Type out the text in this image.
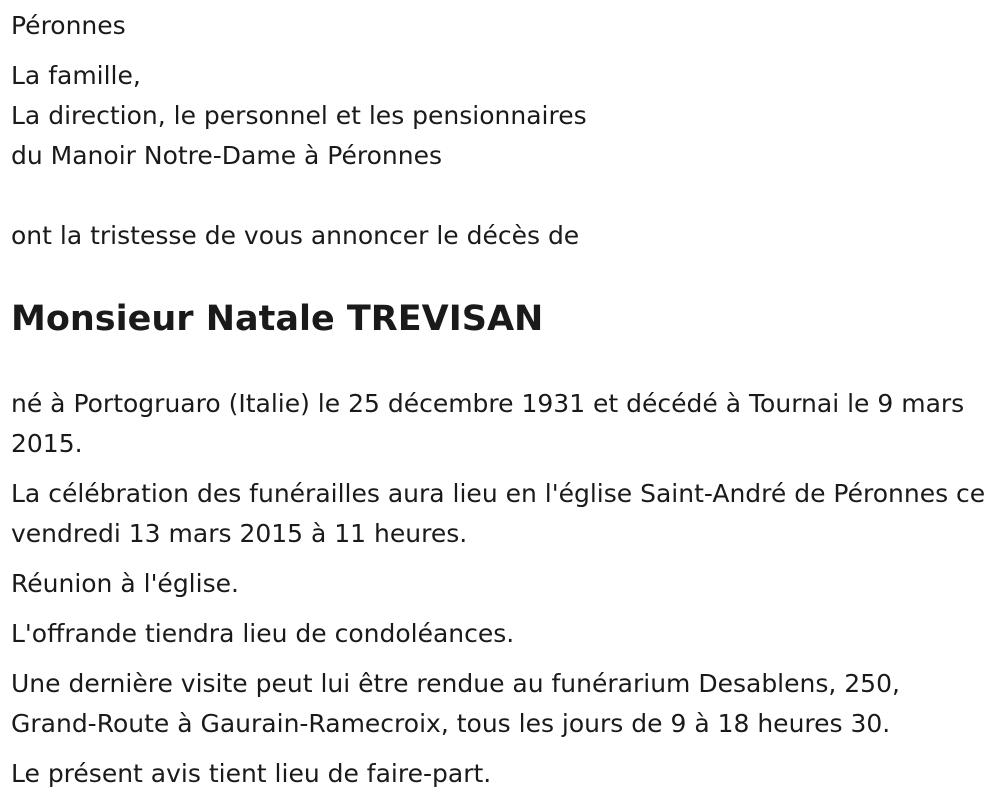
Péronnes

La famille,

La direction, le personnel et les pensionnaires

du Manoir Notre-Dame à Péronnes

ont la tristesse de vous annoncer le décès de

Monsieur Natale TREVISAN

né à Portogruaro (Italie) le 25 décembre 1931 et décédé à Tournai le 9 mars 2015.

La célébration des funérailles aura lieu en l'église Saint-André de Péronnes ce vendredi 13 mars 2015 à 11 heures.

Réunion à l'église.

L'offrande tiendra lieu de condoléances.

Une dernière visite peut lui être rendue au funérarium Desablens, 250, Grand-Route à Gaurain-Ramecroix, tous les jours de 9 à 18 heures 30.

Le présent avis tient lieu de faire-part.
